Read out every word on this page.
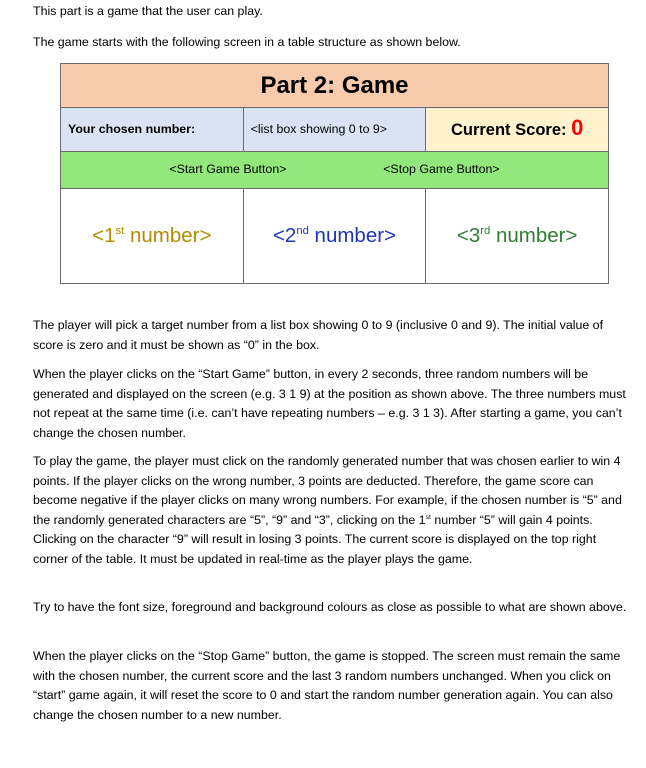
This part is a game that the user can play.

The game starts with the following screen in a table structure as shown below.

Part 2: Game		
Your chosen number:	<list box showing 0 to 9>	Current Score: 0

<Start Game Button> <Stop Game Button>		

<1st number>	<2nd number>	<3rd number>

The player will pick a target number from a list box showing 0 to 9 (inclusive 0 and 9). The initial value of score is zero and it must be shown as “0” in the box.

When the player clicks on the “Start Game” button, in every 2 seconds, three random numbers will be generated and displayed on the screen (e.g. 3 1 9) at the position as shown above. The three numbers must not repeat at the same time (i.e. can’t have repeating numbers – e.g. 3 1 3). After starting a game, you can’t change the chosen number.

To play the game, the player must click on the randomly generated number that was chosen earlier to win 4 points. If the player clicks on the wrong number, 3 points are deducted. Therefore, the game score can become negative if the player clicks on many wrong numbers. For example, if the chosen number is “5” and the randomly generated characters are “5”, “9” and “3”, clicking on the 1st number “5” will gain 4 points. Clicking on the character “9” will result in losing 3 points. The current score is displayed on the top right corner of the table. It must be updated in real-time as the player plays the game.

Try to have the font size, foreground and background colours as close as possible to what are shown above.

When the player clicks on the “Stop Game” button, the game is stopped. The screen must remain the same with the chosen number, the current score and the last 3 random numbers unchanged. When you click on “start” game again, it will reset the score to 0 and start the random number generation again. You can also change the chosen number to a new number.
